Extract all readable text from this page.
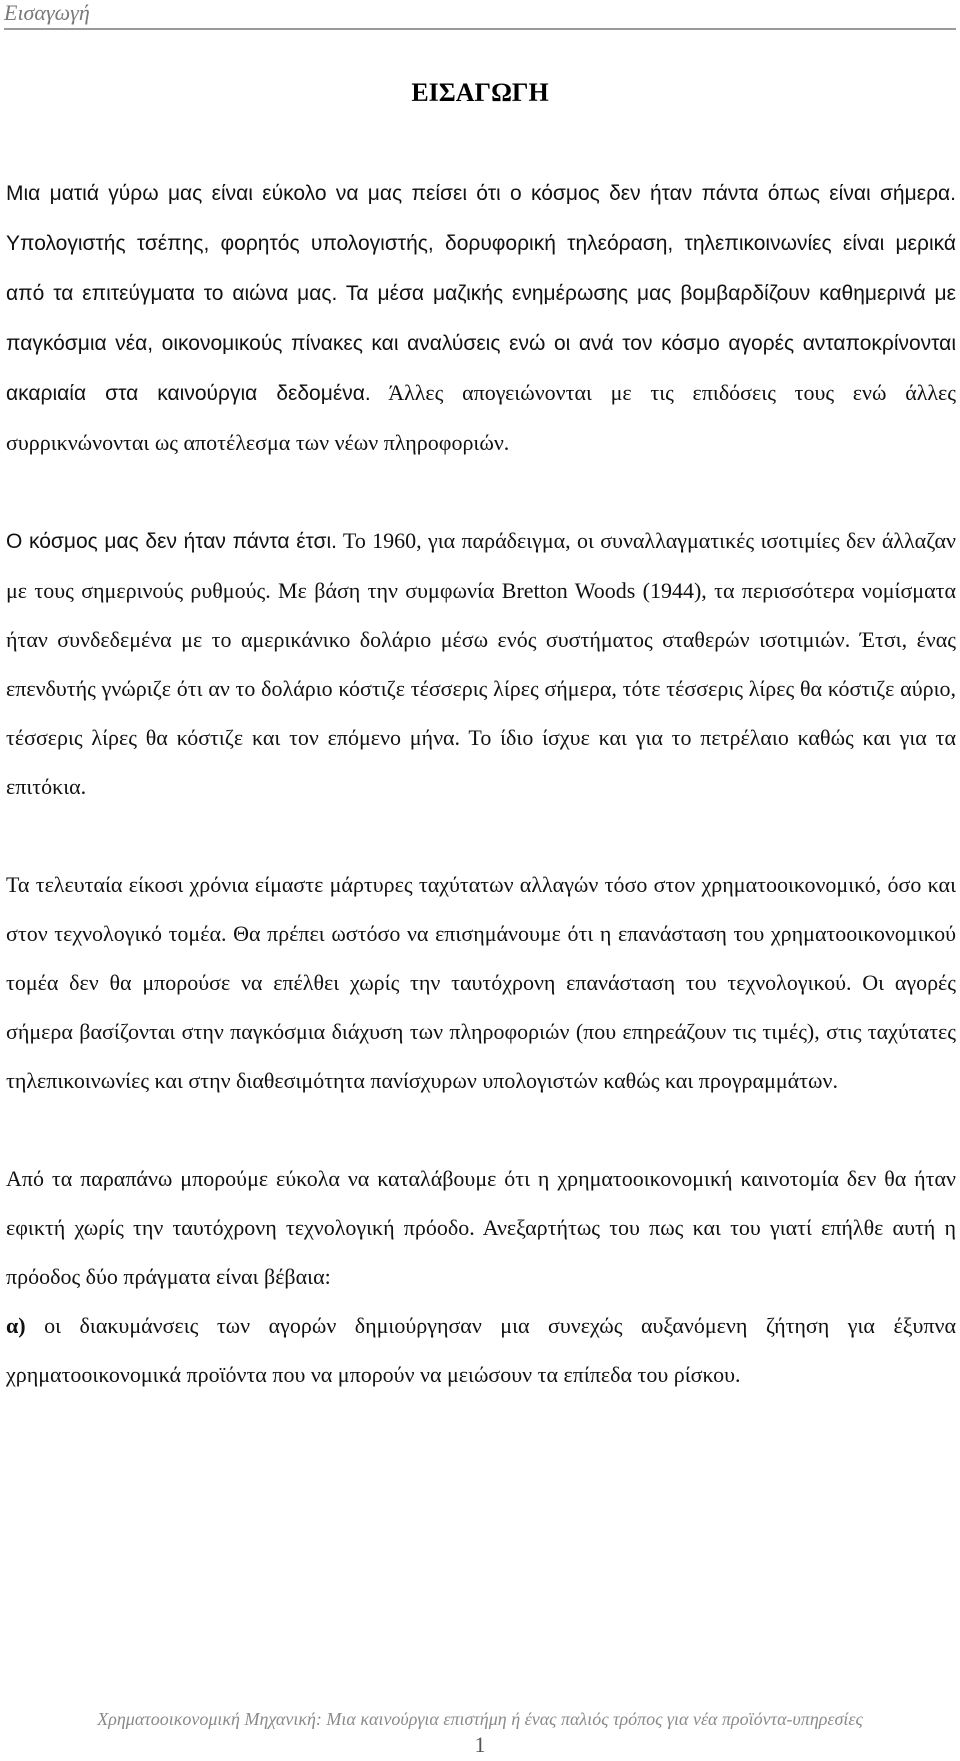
Εισαγωγή
ΕΙΣΑΓΩΓΗ

Μια ματιά γύρω μας είναι εύκολο να μας πείσει ότι ο κόσμος δεν ήταν πάντα όπως είναι σήμερα. Υπολογιστής τσέπης, φορητός υπολογιστής, δορυφορική τηλεόραση, τηλεπικοινωνίες είναι μερικά από τα επιτεύγματα το αιώνα μας. Τα μέσα μαζικής ενημέρωσης μας βομβαρδίζουν καθημερινά με παγκόσμια νέα, οικονομικούς πίνακες και αναλύσεις ενώ οι ανά τον κόσμο αγορές ανταποκρίνονται ακαριαία στα καινούργια δεδομένα. Άλλες απογειώνονται με τις επιδόσεις τους ενώ άλλες συρρικνώνονται ως αποτέλεσμα των νέων πληροφοριών.

Ο κόσμος μας δεν ήταν πάντα έτσι. Το 1960, για παράδειγμα, οι συναλλαγματικές ισοτιμίες δεν άλλαζαν με τους σημερινούς ρυθμούς. Με βάση την συμφωνία Bretton Woods (1944), τα περισσότερα νομίσματα ήταν συνδεδεμένα με το αμερικάνικο δολάριο μέσω ενός συστήματος σταθερών ισοτιμιών. Έτσι, ένας επενδυτής γνώριζε ότι αν το δολάριο κόστιζε τέσσερις λίρες σήμερα, τότε τέσσερις λίρες θα κόστιζε αύριο, τέσσερις λίρες θα κόστιζε και τον επόμενο μήνα. Το ίδιο ίσχυε και για το πετρέλαιο καθώς και για τα επιτόκια.

Τα τελευταία είκοσι χρόνια είμαστε μάρτυρες ταχύτατων αλλαγών τόσο στον χρηματοοικονομικό, όσο και στον τεχνολογικό τομέα. Θα πρέπει ωστόσο να επισημάνουμε ότι η επανάσταση του χρηματοοικονομικού τομέα δεν θα μπορούσε να επέλθει χωρίς την ταυτόχρονη επανάσταση του τεχνολογικού. Οι αγορές σήμερα βασίζονται στην παγκόσμια διάχυση των πληροφοριών (που επηρεάζουν τις τιμές), στις ταχύτατες τηλεπικοινωνίες και στην διαθεσιμότητα πανίσχυρων υπολογιστών καθώς και προγραμμάτων.

Από τα παραπάνω μπορούμε εύκολα να καταλάβουμε ότι η χρηματοοικονομική καινοτομία δεν θα ήταν εφικτή χωρίς την ταυτόχρονη τεχνολογική πρόοδο. Ανεξαρτήτως του πως και του γιατί επήλθε αυτή η πρόοδος δύο πράγματα είναι βέβαια:

α) οι διακυμάνσεις των αγορών δημιούργησαν μια συνεχώς αυξανόμενη ζήτηση για έξυπνα χρηματοοικονομικά προϊόντα που να μπορούν να μειώσουν τα επίπεδα του ρίσκου.

Χρηματοοικονομική Μηχανική: Μια καινούργια επιστήμη ή ένας παλιός τρόπος για νέα προϊόντα-υπηρεσίες
1
